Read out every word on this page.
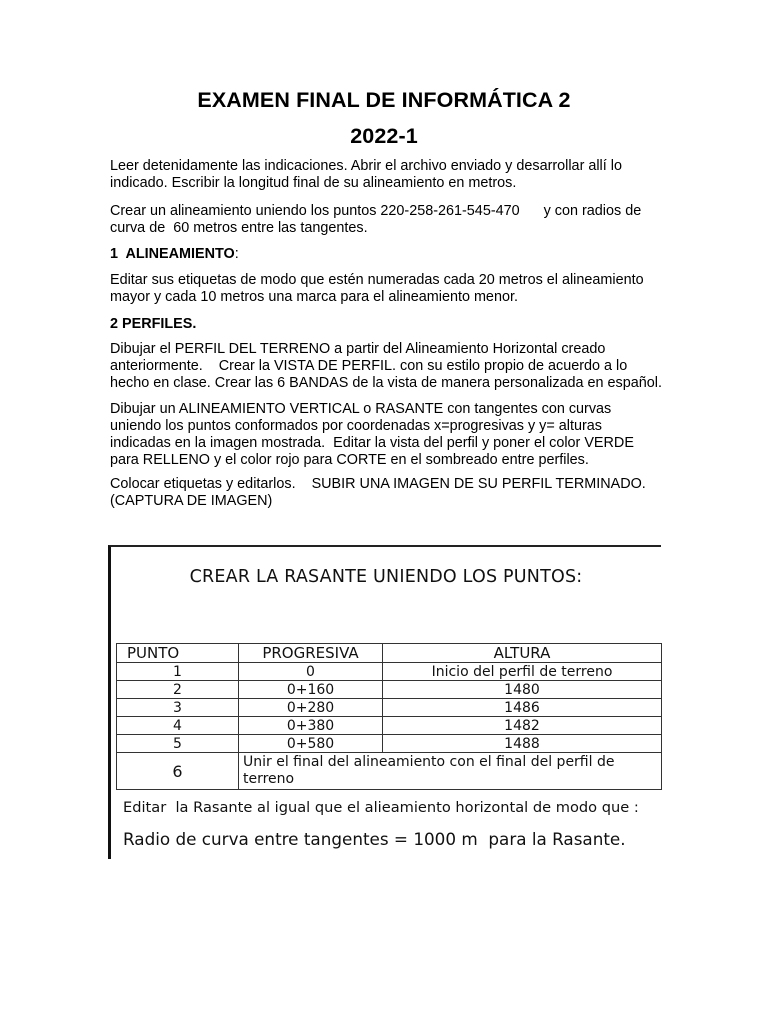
EXAMEN FINAL DE INFORMÁTICA 2
2022-1

Leer detenidamente las indicaciones. Abrir el archivo enviado y desarrollar allí lo
indicado. Escribir la longitud final de su alineamiento en metros.

Crear un alineamiento uniendo los puntos 220-258-261-545-470      y con radios de
curva de  60 metros entre las tangentes.

1  ALINEAMIENTO:

Editar sus etiquetas de modo que estén numeradas cada 20 metros el alineamiento
mayor y cada 10 metros una marca para el alineamiento menor.

2 PERFILES.

Dibujar el PERFIL DEL TERRENO a partir del Alineamiento Horizontal creado
anteriormente.    Crear la VISTA DE PERFIL. con su estilo propio de acuerdo a lo
hecho en clase. Crear las 6 BANDAS de la vista de manera personalizada en español.

Dibujar un ALINEAMIENTO VERTICAL o RASANTE con tangentes con curvas
uniendo los puntos conformados por coordenadas x=progresivas y y= alturas
indicadas en la imagen mostrada.  Editar la vista del perfil y poner el color VERDE
para RELLENO y el color rojo para CORTE en el sombreado entre perfiles.

Colocar etiquetas y editarlos.    SUBIR UNA IMAGEN DE SU PERFIL TERMINADO.
(CAPTURA DE IMAGEN)

CREAR LA RASANTE UNIENDO LOS PUNTOS:
PUNTO	PROGRESIVA	ALTURA
1	0	Inicio del perfil de terreno
2	0+160	1480
3	0+280	1486
4	0+380	1482
5	0+580	1488
6	Unir el final del alineamiento con el final del perfil de
terreno	
Editar  la Rasante al igual que el alieamiento horizontal de modo que :
Radio de curva entre tangentes = 1000 m  para la Rasante.
